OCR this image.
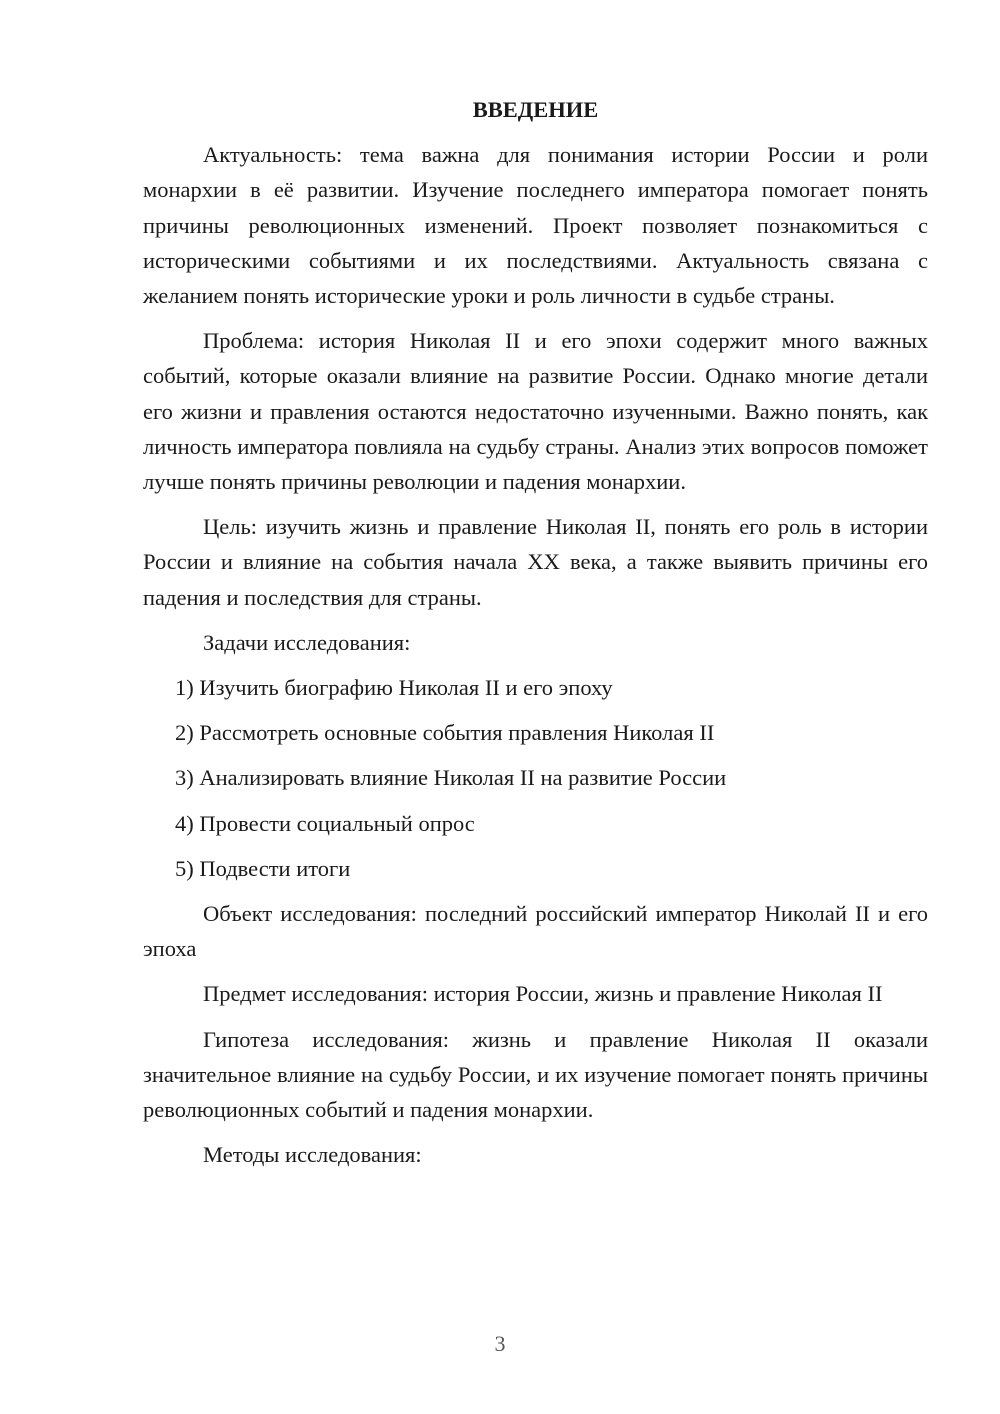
ВВЕДЕНИЕ

Актуальность: тема важна для понимания истории России и роли монархии в её развитии. Изучение последнего императора помогает понять причины революционных изменений. Проект позволяет познакомиться с историческими событиями и их последствиями. Актуальность связана с желанием понять исторические уроки и роль личности в судьбе страны.

Проблема: история Николая II и его эпохи содержит много важных событий, которые оказали влияние на развитие России. Однако многие детали его жизни и правления остаются недостаточно изученными. Важно понять, как личность императора повлияла на судьбу страны. Анализ этих вопросов поможет лучше понять причины революции и падения монархии.

Цель: изучить жизнь и правление Николая II, понять его роль в истории России и влияние на события начала XX века, а также выявить причины его падения и последствия для страны.

Задачи исследования:
1) Изучить биографию Николая II и его эпоху
2) Рассмотреть основные события правления Николая II
3) Анализировать влияние Николая II на развитие России
4) Провести социальный опрос
5) Подвести итоги

Объект исследования: последний российский император Николай II и его эпоха

Предмет исследования: история России, жизнь и правление Николая II

Гипотеза исследования: жизнь и правление Николая II оказали значительное влияние на судьбу России, и их изучение помогает понять причины революционных событий и падения монархии.

Методы исследования:
3
